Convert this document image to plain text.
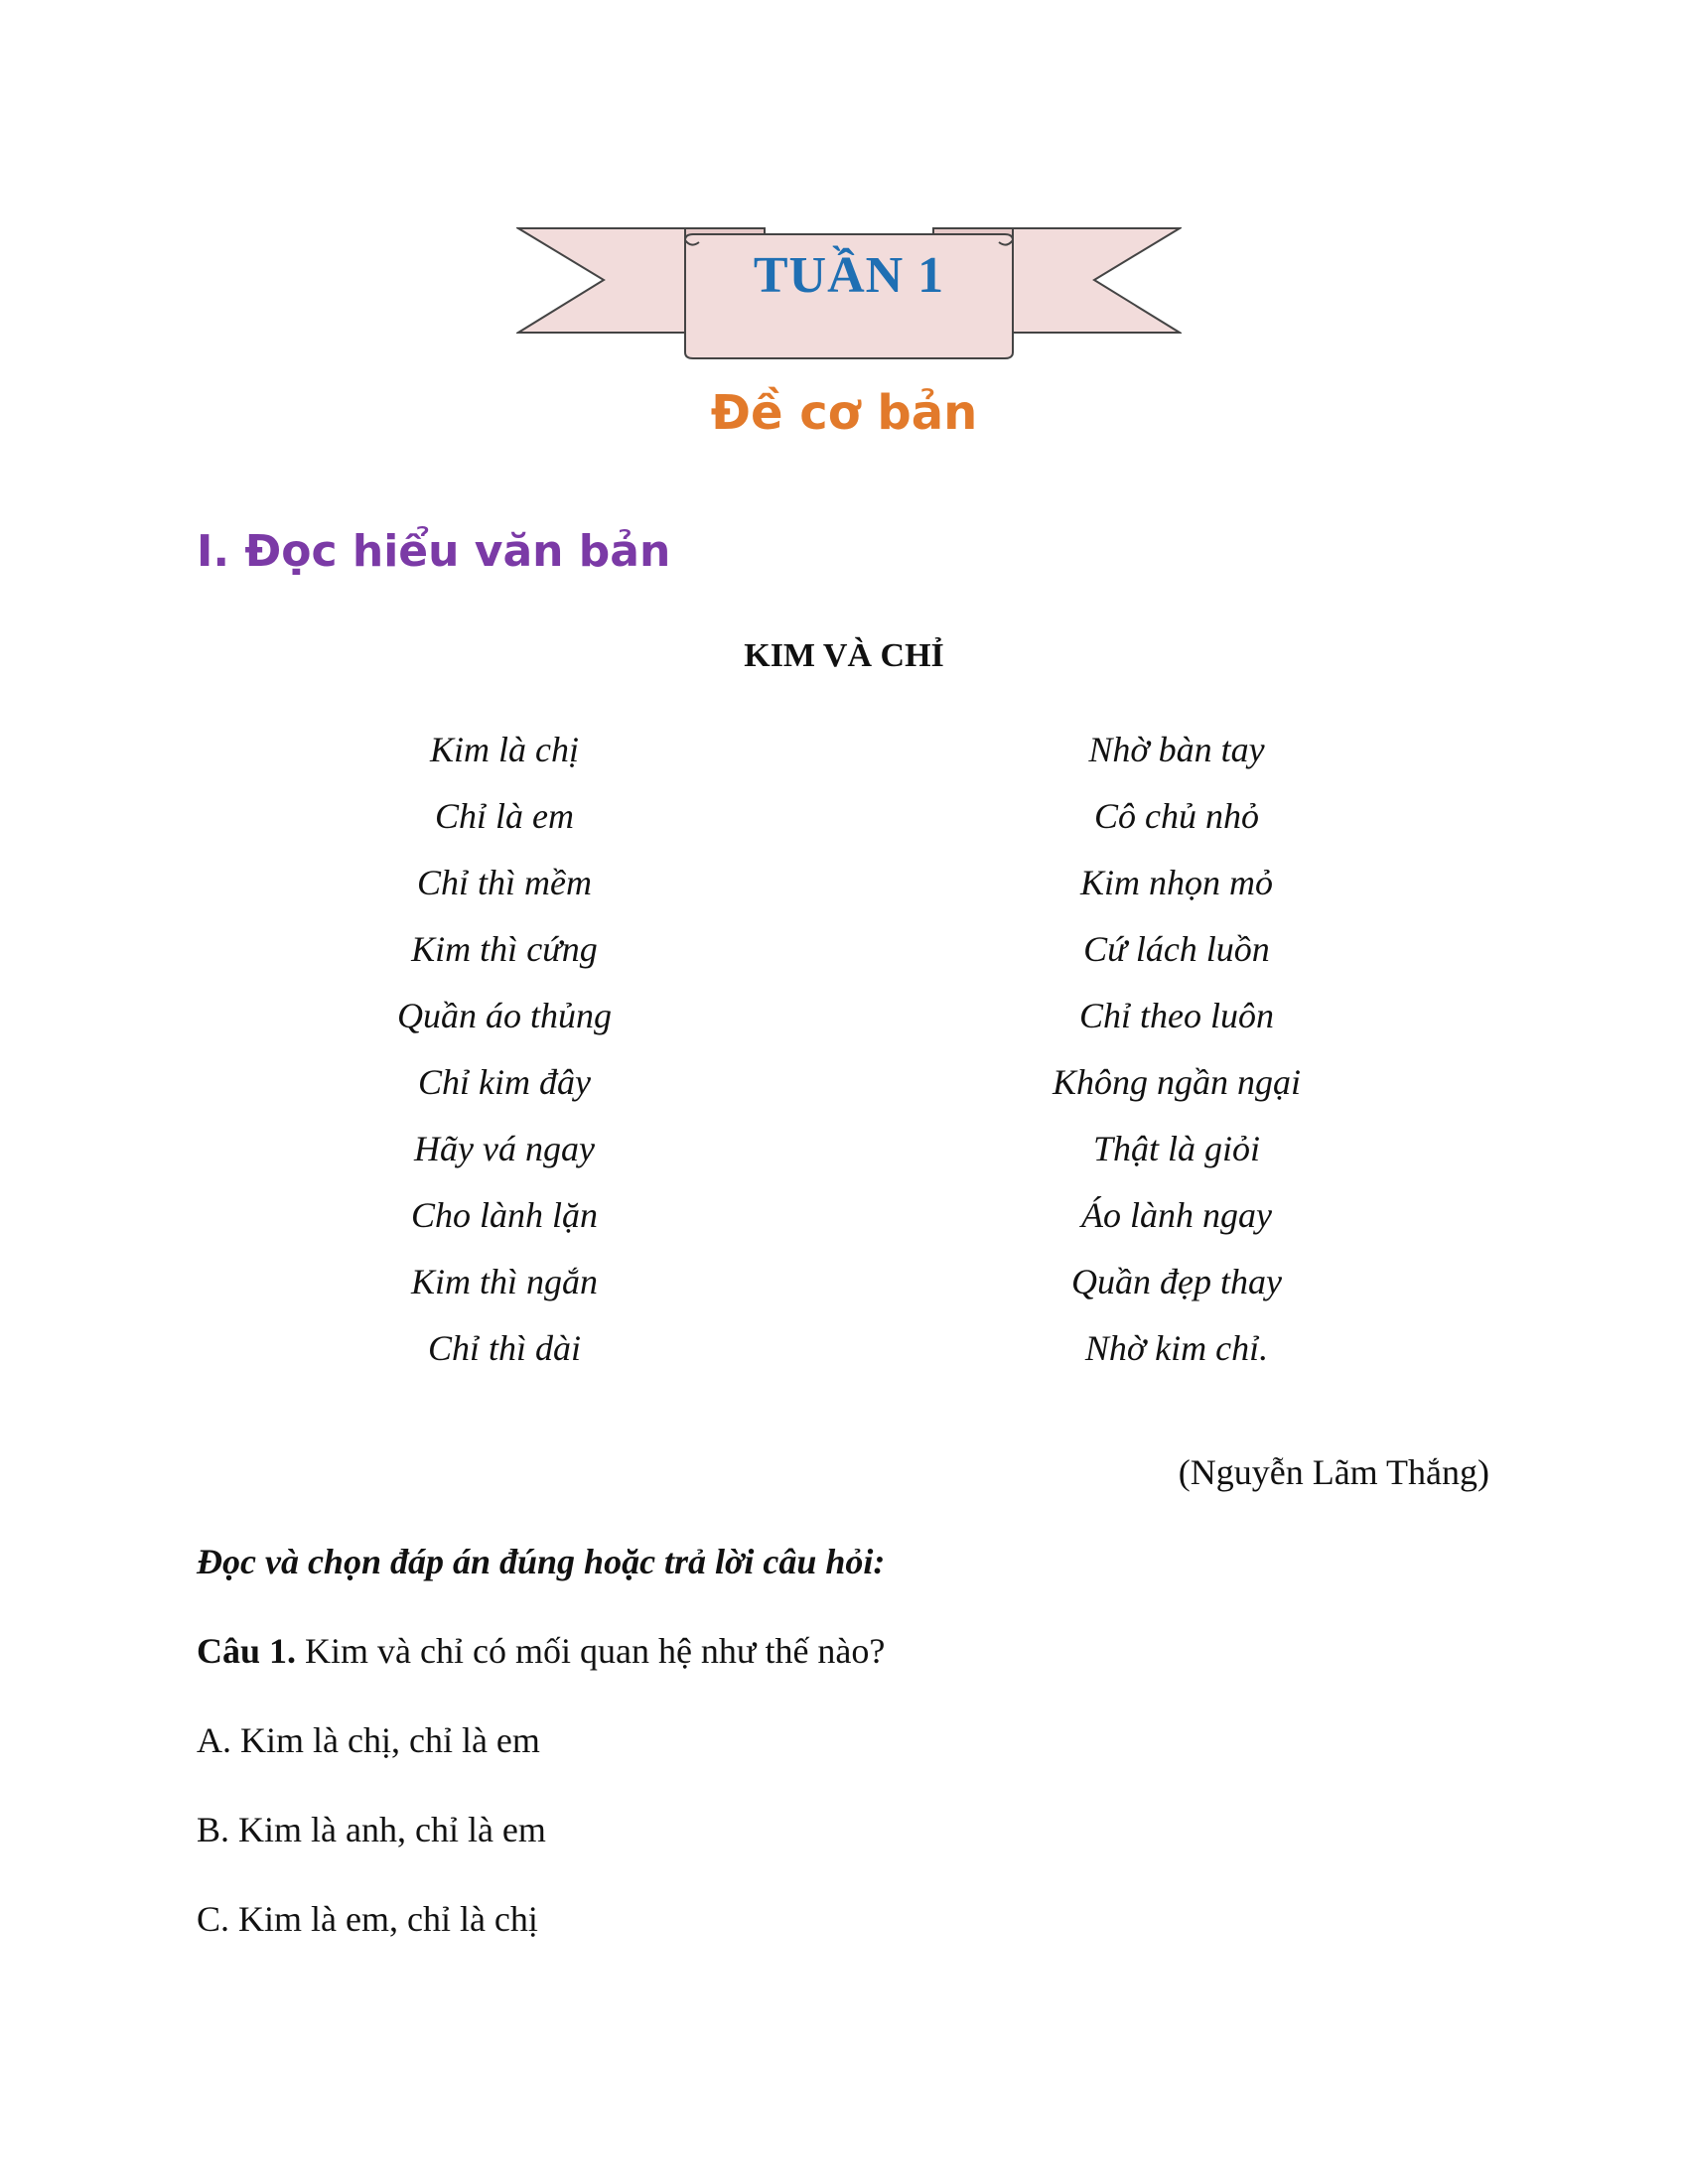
TUẦN 1
Đề cơ bản
I. Đọc hiểu văn bản
KIM VÀ CHỈ
Kim là chị
Chỉ là em
Chỉ thì mềm
Kim thì cứng
Quần áo thủng
Chỉ kim đây
Hãy vá ngay
Cho lành lặn
Kim thì ngắn
Chỉ thì dài
Nhờ bàn tay
Cô chủ nhỏ
Kim nhọn mỏ
Cứ lách luồn
Chỉ theo luôn
Không ngần ngại
Thật là giỏi
Áo lành ngay
Quần đẹp thay
Nhờ kim chỉ.
(Nguyễn Lãm Thắng)
Đọc và chọn đáp án đúng hoặc trả lời câu hỏi:
Câu 1. Kim và chỉ có mối quan hệ như thế nào?
A. Kim là chị, chỉ là em
B. Kim là anh, chỉ là em
C. Kim là em, chỉ là chị
